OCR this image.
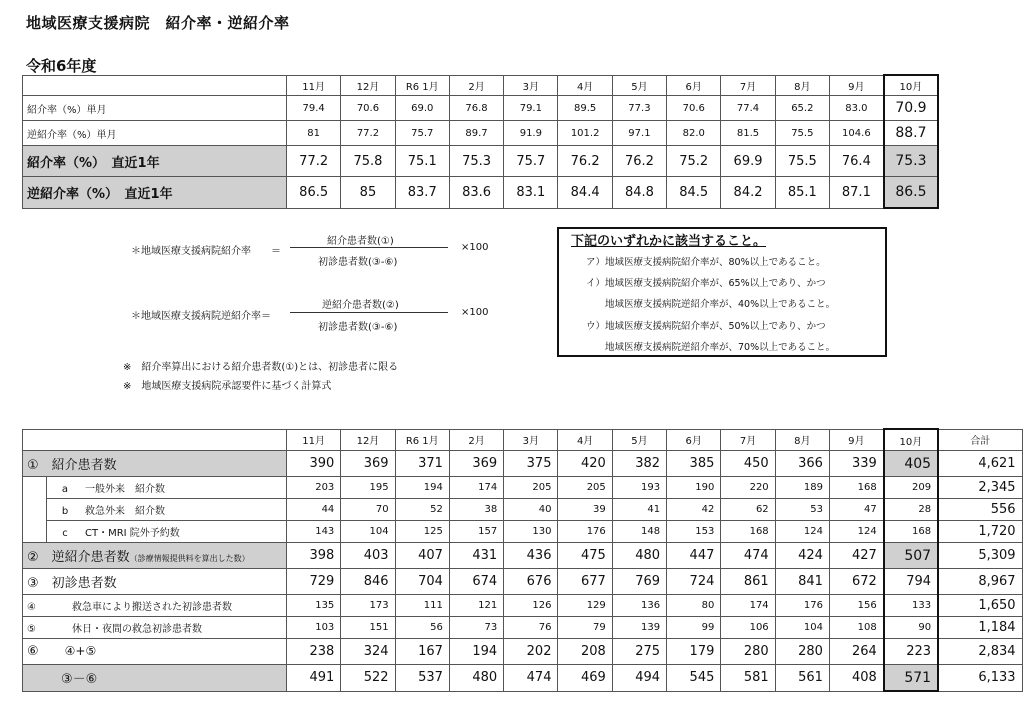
地域医療支援病院　紹介率・逆紹介率
令和6年度
	11月	12月	R6 1月	2月	3月	4月	5月	6月	7月	8月	9月	10月
紹介率（%）単月	79.4	70.6	69.0	76.8	79.1	89.5	77.3	70.6	77.4	65.2	83.0	70.9
逆紹介率（%）単月	81	77.2	75.7	89.7	91.9	101.2	97.1	82.0	81.5	75.5	104.6	88.7
紹介率（%）　直近1年	77.2	75.8	75.1	75.3	75.7	76.2	76.2	75.2	69.9	75.5	76.4	75.3
逆紹介率（%）　直近1年	86.5	85	83.7	83.6	83.1	84.4	84.8	84.5	84.2	85.1	87.1	86.5
＊地域医療支援病院紹介率 ＝
紹介患者数(①)
初診患者数(③-⑥)
×100
＊地域医療支援病院逆紹介率＝
逆紹介患者数(②)
初診患者数(③-⑥)
×100
※　紹介率算出における紹介患者数(①)とは、初診患者に限る
※　地域医療支援病院承認要件に基づく計算式
下記のいずれかに該当すること。
ア）地域医療支援病院紹介率が、80%以上であること。
イ）地域医療支援病院紹介率が、65%以上であり、かつ
地域医療支援病院逆紹介率が、40%以上であること。
ウ）地域医療支援病院紹介率が、50%以上であり、かつ
地域医療支援病院逆紹介率が、70%以上であること。
		11月	12月	R6 1月	2月	3月	4月	5月	6月	7月	8月	9月	10月	合計
①　紹介患者数		390	369	371	369	375	420	382	385	450	366	339	405	4,621
	a 一般外来　紹介数	203	195	194	174	205	205	193	190	220	189	168	209	2,345
	b 救急外来　紹介数	44	70	52	38	40	39	41	42	62	53	47	28	556
	c CT・MRI 院外予約数	143	104	125	157	130	176	148	153	168	124	124	168	1,720
②　逆紹介患者数（診療情報提供料を算出した数）		398	403	407	431	436	475	480	447	474	424	427	507	5,309
③　初診患者数		729	846	704	674	676	677	769	724	861	841	672	794	8,967
④ 救急車により搬送された初診患者数		135	173	111	121	126	129	136	80	174	176	156	133	1,650
⑤ 休日・夜間の救急初診患者数		103	151	56	73	76	79	139	99	106	104	108	90	1,184
⑥ ④+⑤		238	324	167	194	202	208	275	179	280	280	264	223	2,834
③－⑥		491	522	537	480	474	469	494	545	581	561	408	571	6,133
